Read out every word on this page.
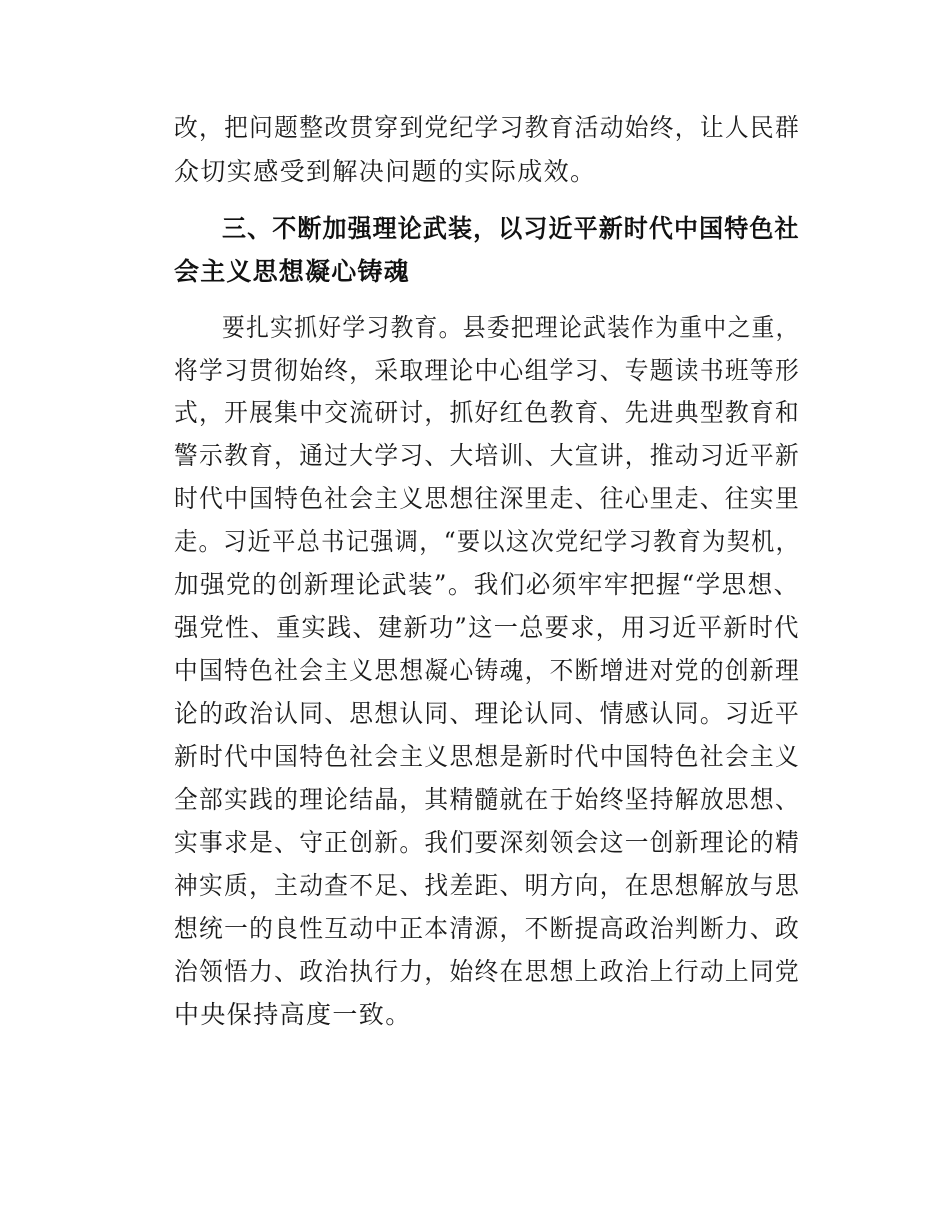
改，把问题整改贯穿到党纪学习教育活动始终，让人民群
众切实感受到解决问题的实际成效。
三、不断加强理论武装，以习近平新时代中国特色社
会主义思想凝心铸魂
要扎实抓好学习教育。县委把理论武装作为重中之重，
将学习贯彻始终，采取理论中心组学习、专题读书班等形
式，开展集中交流研讨，抓好红色教育、先进典型教育和
警示教育，通过大学习、大培训、大宣讲，推动习近平新
时代中国特色社会主义思想往深里走、往心里走、往实里
走。习近平总书记强调，“要以这次党纪学习教育为契机，
加强党的创新理论武装”。我们必须牢牢把握“学思想、
强党性、重实践、建新功”这一总要求，用习近平新时代
中国特色社会主义思想凝心铸魂，不断增进对党的创新理
论的政治认同、思想认同、理论认同、情感认同。习近平
新时代中国特色社会主义思想是新时代中国特色社会主义
全部实践的理论结晶，其精髓就在于始终坚持解放思想、
实事求是、守正创新。我们要深刻领会这一创新理论的精
神实质，主动查不足、找差距、明方向，在思想解放与思
想统一的良性互动中正本清源，不断提高政治判断力、政
治领悟力、政治执行力，始终在思想上政治上行动上同党
中央保持高度一致。
